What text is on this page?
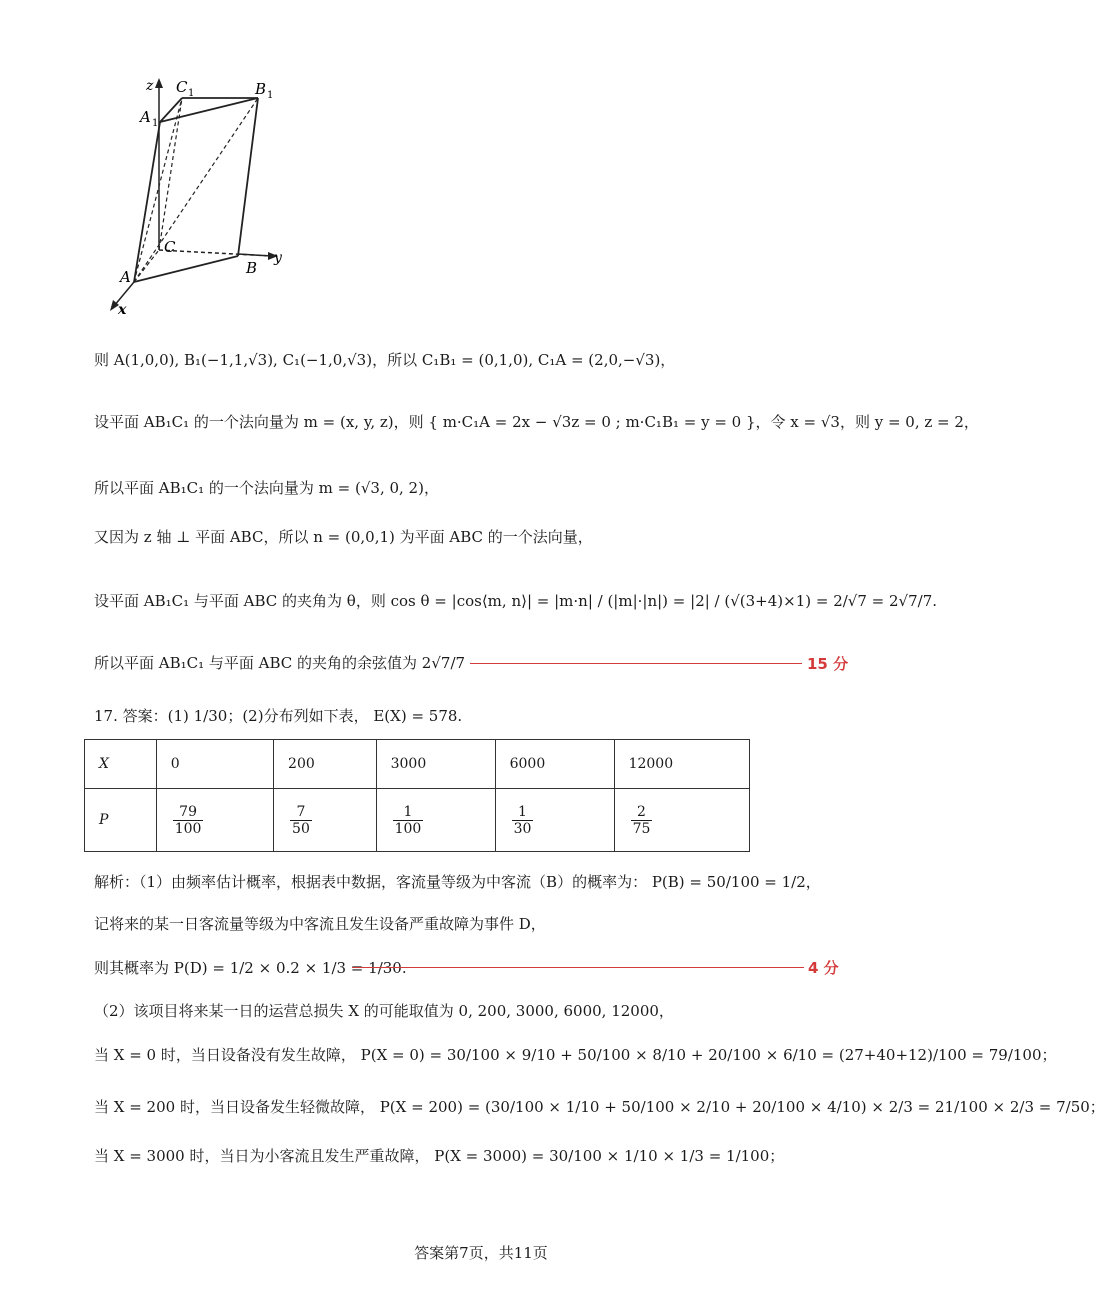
z
y
x
A	B
C
A 1
C 1	B 1
则 A(1,0,0), B₁(−1,1,√3), C₁(−1,0,√3)，所以 C₁B₁ = (0,1,0), C₁A = (2,0,−√3)，
设平面 AB₁C₁ 的一个法向量为 m = (x, y, z)，则 { m·C₁A = 2x − √3z = 0 ; m·C₁B₁ = y = 0 }，令 x = √3，则 y = 0, z = 2，
所以平面 AB₁C₁ 的一个法向量为 m = (√3, 0, 2)，
又因为 z 轴 ⊥ 平面 ABC，所以 n = (0,0,1) 为平面 ABC 的一个法向量，
设平面 AB₁C₁ 与平面 ABC 的夹角为 θ，则 cos θ = |cos⟨m, n⟩| = |m·n| / (|m|·|n|) = |2| / (√(3+4)×1) = 2/√7 = 2√7/7.
所以平面 AB₁C₁ 与平面 ABC 的夹角的余弦值为 2√7/7	15 分
17. 答案：(1) 1/30；(2)分布列如下表， E(X) = 578.
X	0	200	3000	6000	12000
P	$\frac{79}{100}$	$\frac{7}{50}$	$\frac{1}{100}$	$\frac{1}{30}$	$\frac{2}{75}$
解析：（1）由频率估计概率，根据表中数据，客流量等级为中客流（B）的概率为： P(B) = 50/100 = 1/2，
记将来的某一日客流量等级为中客流且发生设备严重故障为事件 D，
则其概率为 P(D) = 1/2 × 0.2 × 1/3 = 1/30.	4 分
（2）该项目将来某一日的运营总损失 X 的可能取值为 0, 200, 3000, 6000, 12000，
当 X = 0 时，当日设备没有发生故障， P(X = 0) = 30/100 × 9/10 + 50/100 × 8/10 + 20/100 × 6/10 = (27+40+12)/100 = 79/100；
当 X = 200 时，当日设备发生轻微故障， P(X = 200) = (30/100 × 1/10 + 50/100 × 2/10 + 20/100 × 4/10) × 2/3 = 21/100 × 2/3 = 7/50；
当 X = 3000 时，当日为小客流且发生严重故障， P(X = 3000) = 30/100 × 1/10 × 1/3 = 1/100；
答案第7页，共11页
